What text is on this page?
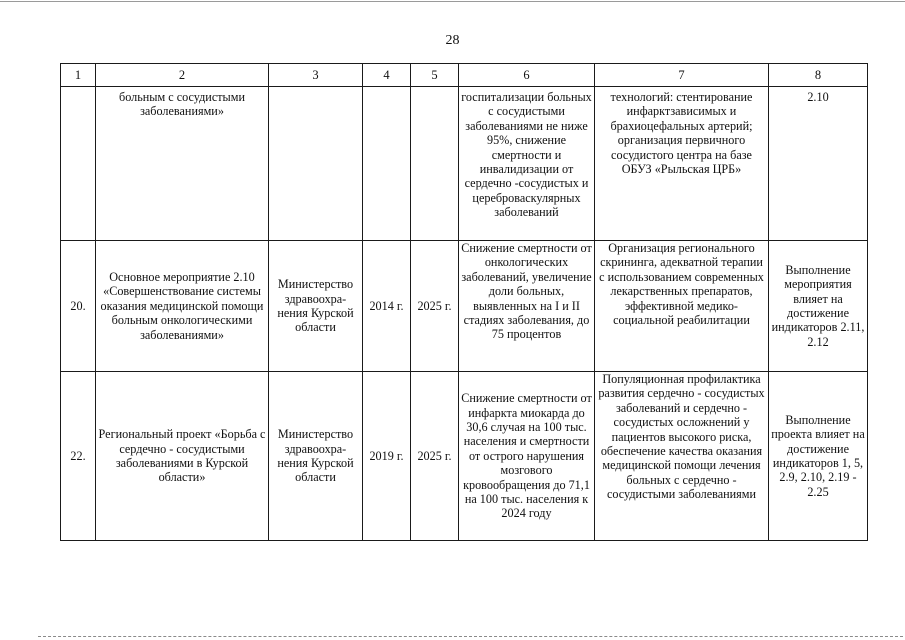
28
1	2	3	4	5	6	7	8
	больным с сосудистыми заболеваниями»				госпитализации больных с сосудистыми заболеваниями не ниже 95%, снижение смертности и инвалидизации от сердечно -сосудистых и цереброваскулярных заболеваний	технологий: стентирование инфарктзависимых и брахиоцефальных артерий; организация первичного сосудистого центра на базе ОБУЗ «Рыльская ЦРБ»	2.10
20.	Основное мероприятие 2.10 «Совершенствование системы оказания медицинской помощи больным онкологическими заболеваниями»	Министерство здравоохра-нения Курской области	2014 г.	2025 г.	Снижение смертности от онкологических заболеваний, увеличение доли больных, выявленных на I и II стадиях заболевания, до 75 процентов	Организация регионального скрининга, адекватной терапии с использованием современных лекарственных препаратов, эффективной медико-социальной реабилитации	Выполнение мероприятия влияет на достижение индикаторов 2.11, 2.12
22.	Региональный проект «Борьба с сердечно - сосудистыми заболеваниями в Курской области»	Министерство здравоохра-нения Курской области	2019 г.	2025 г.	Снижение смертности от инфаркта миокарда до 30,6 случая на 100 тыс. населения и смертности от острого нарушения мозгового кровообращения до 71,1 на 100 тыс. населения к 2024 году	Популяционная профилактика развития сердечно - сосудистых заболеваний и сердечно - сосудистых осложнений у пациентов высокого риска, обеспечение качества оказания медицинской помощи лечения больных с сердечно - сосудистыми заболеваниями	Выполнение проекта влияет на достижение индикаторов 1, 5, 2.9, 2.10, 2.19 - 2.25
